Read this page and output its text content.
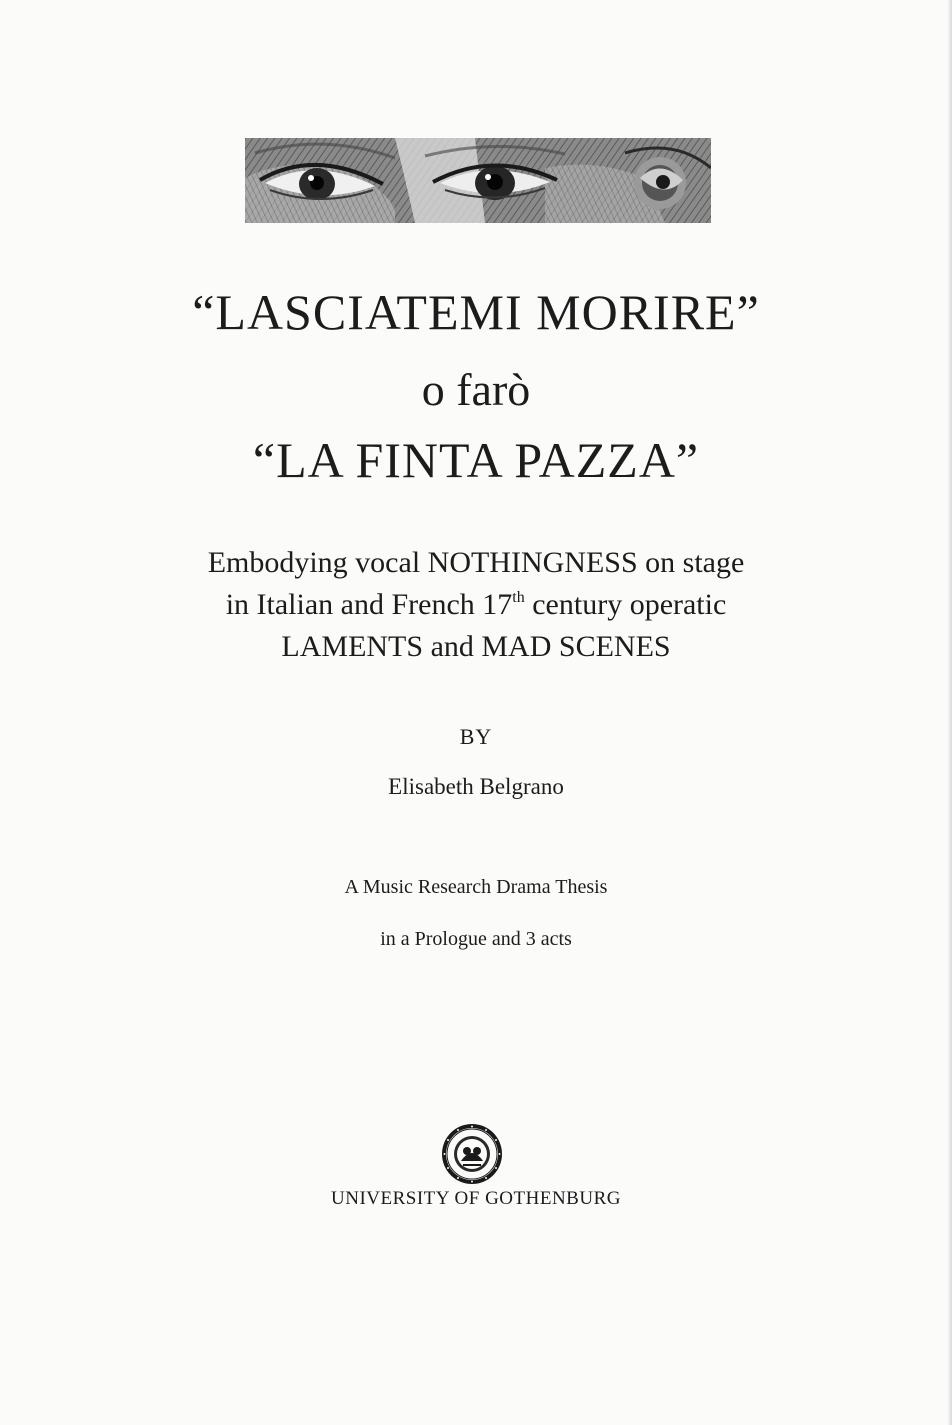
“LASCIATEMI MORIRE”
o farò
“LA FINTA PAZZA”
Embodying vocal NOTHINGNESS on stage
in Italian and French 17th century operatic
LAMENTS and MAD SCENES
BY
Elisabeth Belgrano
A Music Research Drama Thesis
in a Prologue and 3 acts
UNIVERSITY OF GOTHENBURG
